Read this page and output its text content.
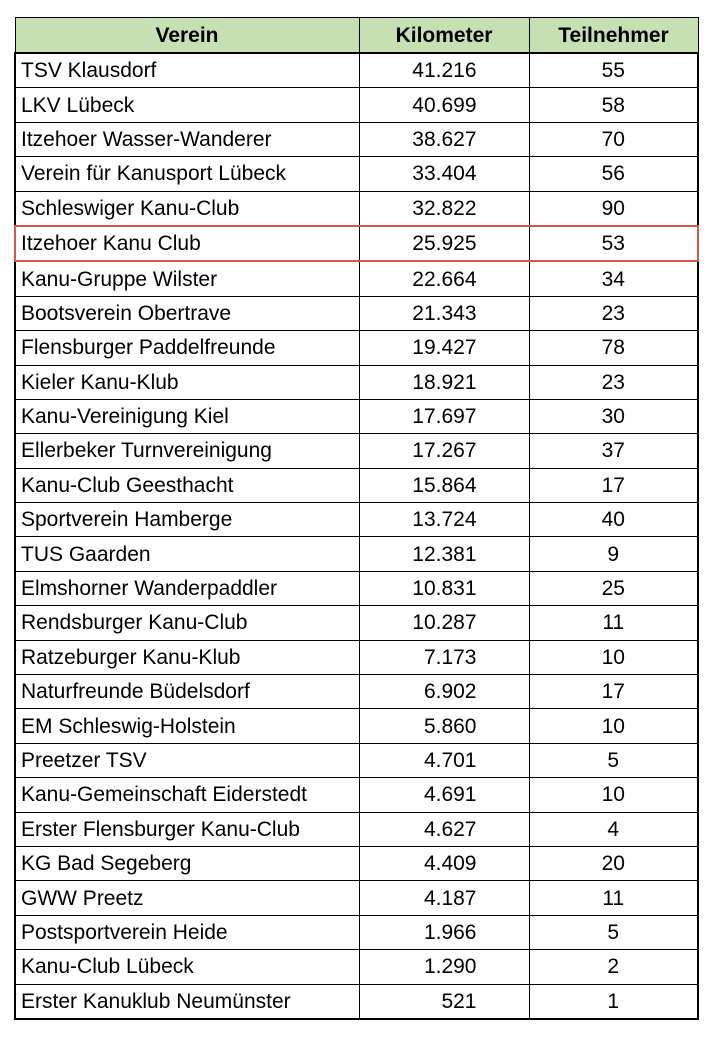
Verein	Kilometer	Teilnehmer
TSV Klausdorf	41.216	55
LKV Lübeck	40.699	58
Itzehoer Wasser-Wanderer	38.627	70
Verein für Kanusport Lübeck	33.404	56
Schleswiger Kanu-Club	32.822	90
Itzehoer Kanu Club	25.925	53
Kanu-Gruppe Wilster	22.664	34
Bootsverein Obertrave	21.343	23
Flensburger Paddelfreunde	19.427	78
Kieler Kanu-Klub	18.921	23
Kanu-Vereinigung Kiel	17.697	30
Ellerbeker Turnvereinigung	17.267	37
Kanu-Club Geesthacht	15.864	17
Sportverein Hamberge	13.724	40
TUS Gaarden	12.381	9
Elmshorner Wanderpaddler	10.831	25
Rendsburger Kanu-Club	10.287	11
Ratzeburger Kanu-Klub	7.173	10
Naturfreunde Büdelsdorf	6.902	17
EM Schleswig-Holstein	5.860	10
Preetzer TSV	4.701	5
Kanu-Gemeinschaft Eiderstedt	4.691	10
Erster Flensburger Kanu-Club	4.627	4
KG Bad Segeberg	4.409	20
GWW Preetz	4.187	11
Postsportverein Heide	1.966	5
Kanu-Club Lübeck	1.290	2
Erster Kanuklub Neumünster	521	1
